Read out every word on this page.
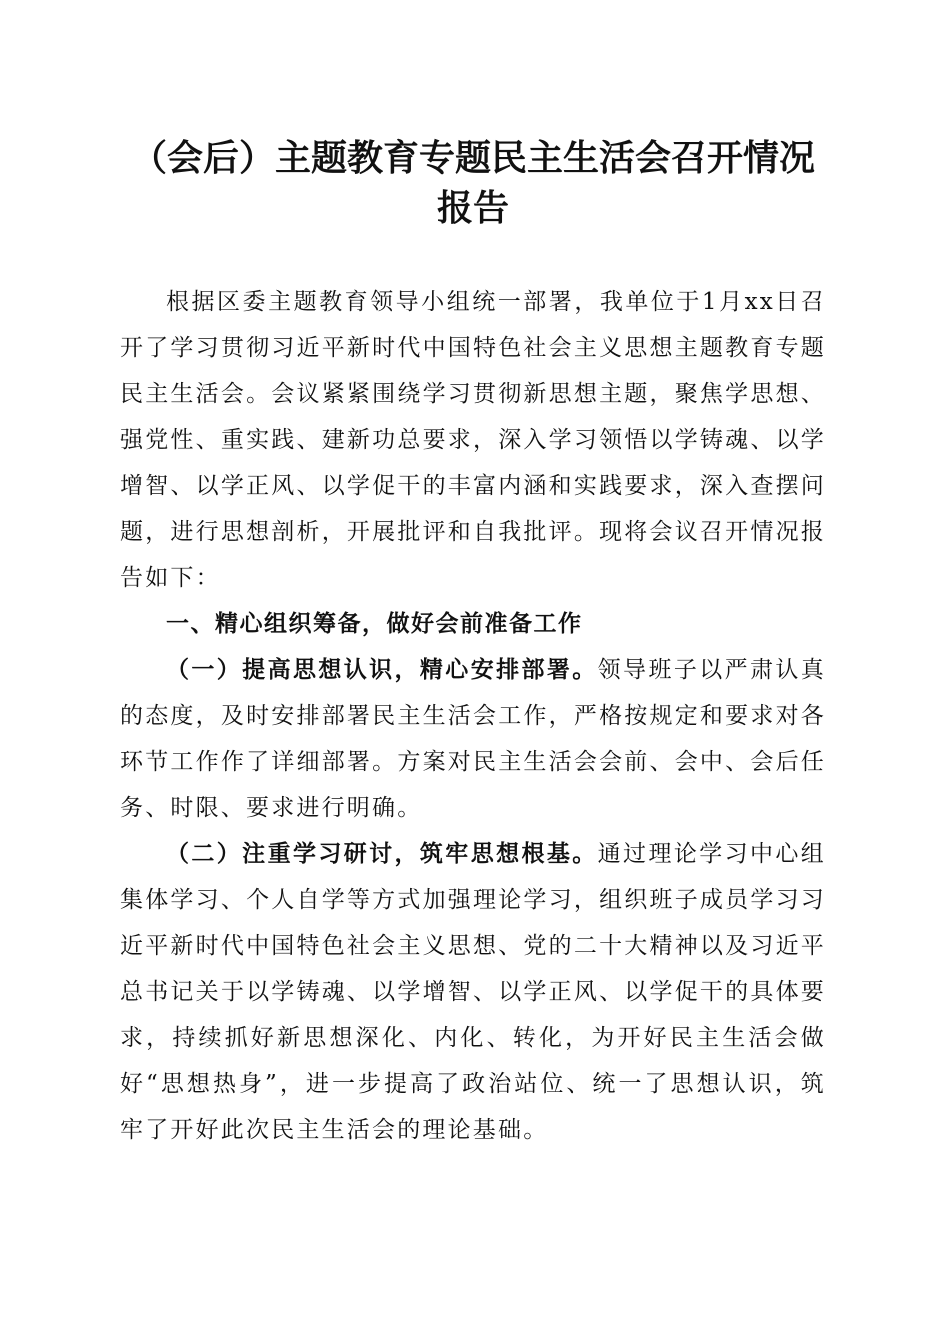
（会后）主题教育专题民主生活会召开情况报告

根据区委主题教育领导小组统一部署，我单位于1月xx日召开了学习贯彻习近平新时代中国特色社会主义思想主题教育专题民主生活会。会议紧紧围绕学习贯彻新思想主题，聚焦学思想、强党性、重实践、建新功总要求，深入学习领悟以学铸魂、以学增智、以学正风、以学促干的丰富内涵和实践要求，深入查摆问题，进行思想剖析，开展批评和自我批评。现将会议召开情况报告如下：

一、精心组织筹备，做好会前准备工作

（一）提高思想认识，精心安排部署。领导班子以严肃认真的态度，及时安排部署民主生活会工作，严格按规定和要求对各环节工作作了详细部署。方案对民主生活会会前、会中、会后任务、时限、要求进行明确。

（二）注重学习研讨，筑牢思想根基。通过理论学习中心组集体学习、个人自学等方式加强理论学习，组织班子成员学习习近平新时代中国特色社会主义思想、党的二十大精神以及习近平总书记关于以学铸魂、以学增智、以学正风、以学促干的具体要求，持续抓好新思想深化、内化、转化，为开好民主生活会做好“思想热身”，进一步提高了政治站位、统一了思想认识，筑牢了开好此次民主生活会的理论基础。
